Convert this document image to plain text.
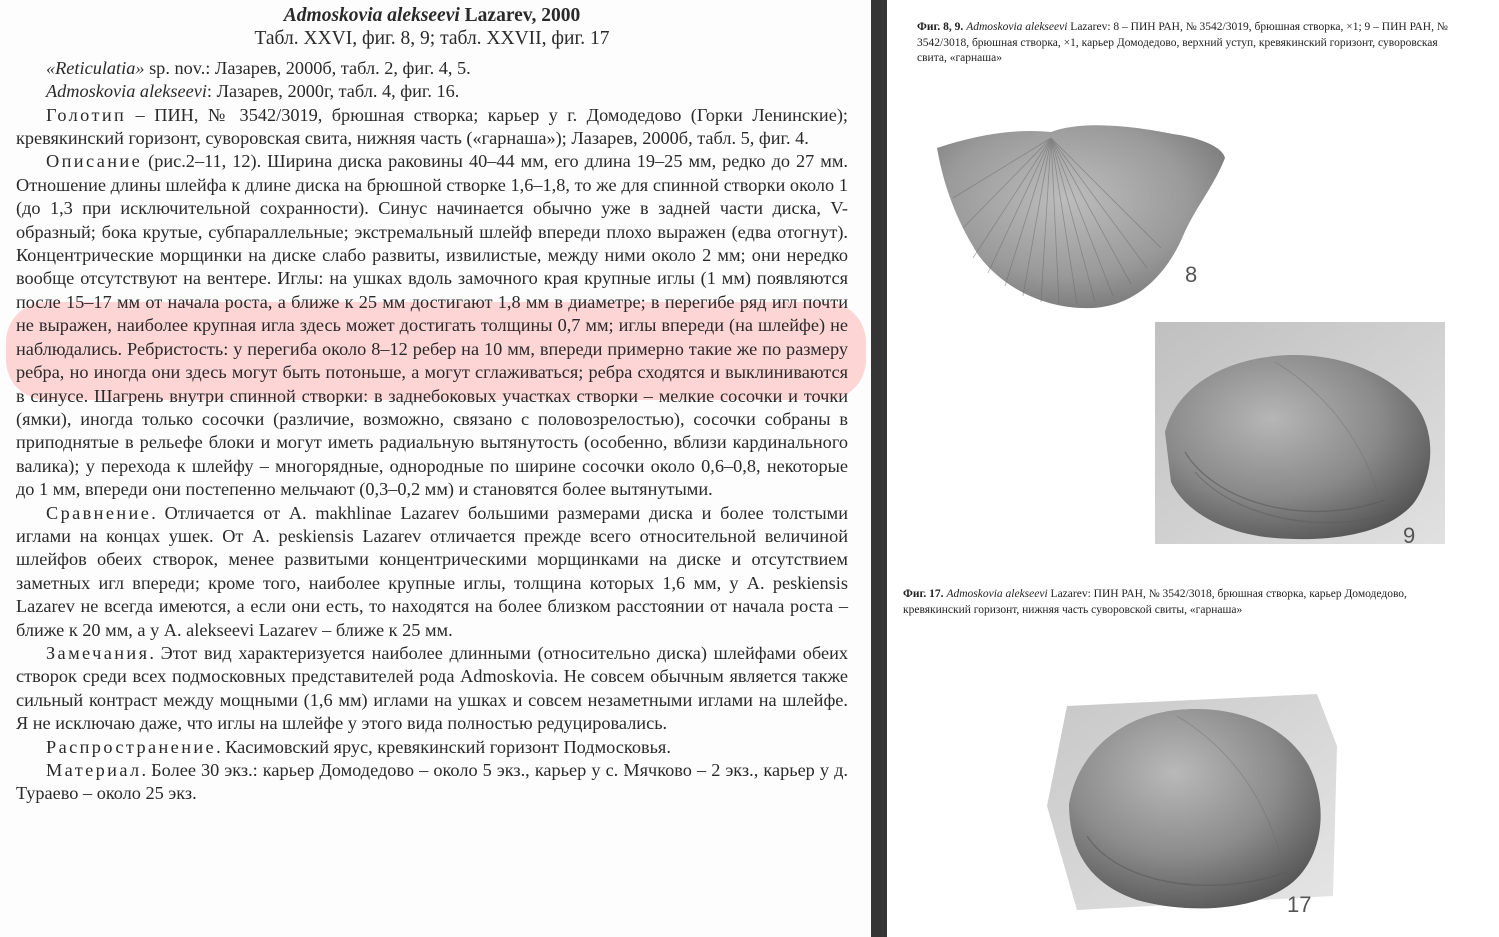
Admoskovia alekseevi Lazarev, 2000
Табл. XXVI, фиг. 8, 9; табл. XXVII, фиг. 17

«Reticulatia» sp. nov.: Лазарев, 2000б, табл. 2, фиг. 4, 5.

Admoskovia alekseevi: Лазарев, 2000г, табл. 4, фиг. 16.

Голотип – ПИН, № 3542/3019, брюшная створка; карьер у г. Домодедово (Горки Ленинские); кревякинский горизонт, суворовская свита, нижняя часть («гарнаша»); Лазарев, 2000б, табл. 5, фиг. 4.

Описание (рис.2–11, 12). Ширина диска раковины 40–44 мм, его длина 19–25 мм, редко до 27 мм. Отношение длины шлейфа к длине диска на брюшной створке 1,6–1,8, то же для спинной створки около 1 (до 1,3 при исключительной сохранности). Синус начинается обычно уже в задней части диска, V-образный; бока крутые, субпараллельные; экстремальный шлейф впереди плохо выражен (едва отогнут). Концентрические морщинки на диске слабо развиты, извилистые, между ними около 2 мм; они нередко вообще отсутствуют на вентере. Иглы: на ушках вдоль замочного края крупные иглы (1 мм) появляются после 15–17 мм от начала роста, а ближе к 25 мм достигают 1,8 мм в диаметре; в перегибе ряд игл почти не выражен, наиболее крупная игла здесь может достигать толщины 0,7 мм; иглы впереди (на шлейфе) не наблюдались. Ребристость: у перегиба около 8–12 ребер на 10 мм, впереди примерно такие же по размеру ребра, но иногда они здесь могут быть потоньше, а могут сглаживаться; ребра сходятся и выклиниваются в синусе. Шагрень внутри спинной створки: в заднебоковых участках створки – мелкие сосочки и точки (ямки), иногда только сосочки (различие, возможно, связано с половозрелостью), сосочки собраны в приподнятые в рельефе блоки и могут иметь радиальную вытянутость (особенно, вблизи кардинального валика); у перехода к шлейфу – многорядные, однородные по ширине сосочки около 0,6–0,8, некоторые до 1 мм, впереди они постепенно мельчают (0,3–0,2 мм) и становятся более вытянутыми.

Сравнение. Отличается от A. makhlinae Lazarev большими размерами диска и более толстыми иглами на концах ушек. От A. peskiensis Lazarev отличается прежде всего относительной величиной шлейфов обеих створок, менее развитыми концентрическими морщинками на диске и отсутствием заметных игл впереди; кроме того, наиболее крупные иглы, толщина которых 1,6 мм, у A. peskiensis Lazarev не всегда имеются, а если они есть, то находятся на более близком расстоянии от начала роста – ближе к 20 мм, а у A. alekseevi Lazarev – ближе к 25 мм.

Замечания. Этот вид характеризуется наиболее длинными (относительно диска) шлейфами обеих створок среди всех подмосковных представителей рода Admoskovia. Не совсем обычным является также сильный контраст между мощными (1,6 мм) иглами на ушках и совсем незаметными иглами на шлейфе. Я не исключаю даже, что иглы на шлейфе у этого вида полностью редуцировались.

Распространение. Касимовский ярус, кревякинский горизонт Подмосковья.

Материал. Более 30 экз.: карьер Домодедово – около 5 экз., карьер у с. Мячково – 2 экз., карьер у д. Тураево – около 25 экз.

Фиг. 8, 9. Admoskovia alekseevi Lazarev: 8 – ПИН РАН, № 3542/3019, брюшная створка, ×1; 9 – ПИН РАН, № 3542/3018, брюшная створка, ×1, карьер Домодедово, верхний уступ, кревякинский горизонт, суворовская свита, «гарнаша»
8
9
Фиг. 17. Admoskovia alekseevi Lazarev: ПИН РАН, № 3542/3018, брюшная створка, карьер Домодедово, кревякинский горизонт, нижняя часть суворовской свиты, «гарнаша»
17
